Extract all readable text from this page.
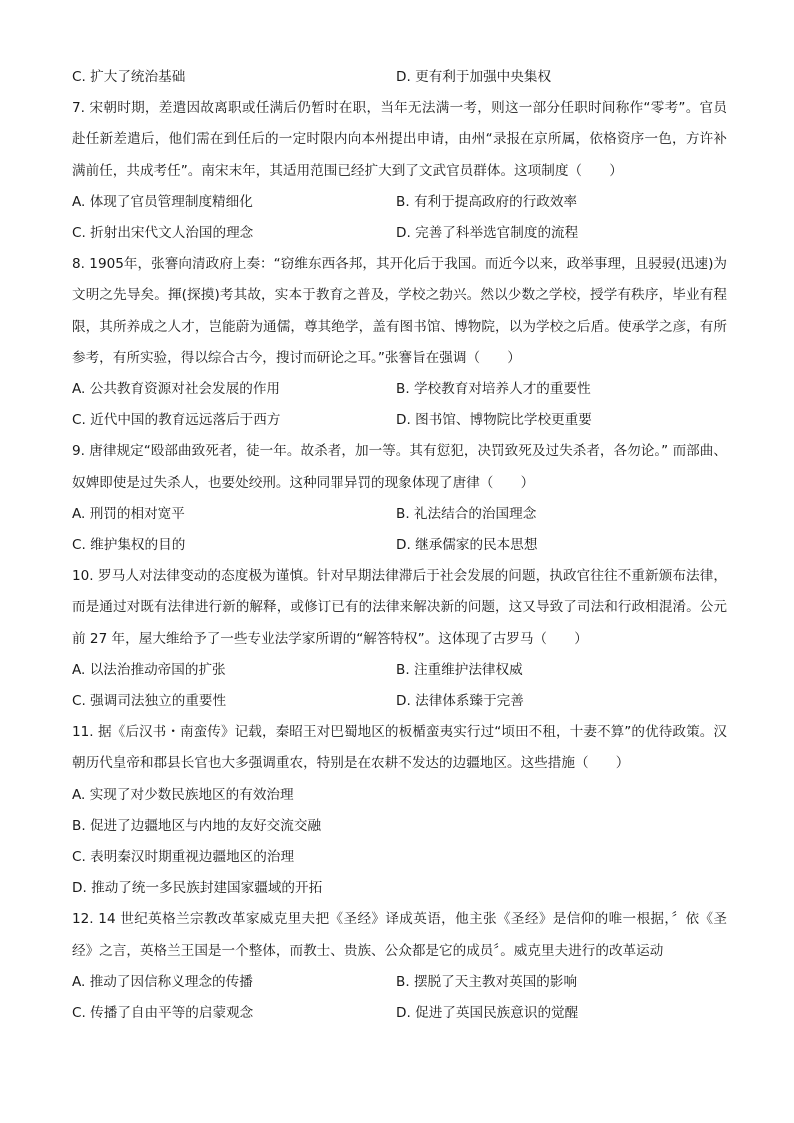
C. 扩大了统治基础	D. 更有利于加强中央集权

7. 宋朝时期，差遣因故离职或任满后仍暂时在职，当年无法满一考，则这一部分任职时间称作“零考”。官员赴任新差遣后，他们需在到任后的一定时限内向本州提出申请，由州“录报在京所属，依格资序一色，方许补满前任，共成考任”。南宋末年，其适用范围已经扩大到了文武官员群体。这项制度（　　）

A. 体现了官员管理制度精细化	B. 有利于提高政府的行政效率
C. 折射出宋代文人治国的理念	D. 完善了科举选官制度的流程

8. 1905年，张謇向清政府上奏：“窃维东西各邦，其开化后于我国。而近今以来，政举事理，且骎骎(迅速)为文明之先导矣。揮(探摸)考其故，实本于教育之普及，学校之勃兴。然以少数之学校，授学有秩序，毕业有程限，其所养成之人才，岂能蔚为通儒，尊其绝学，盖有图书馆、博物院，以为学校之后盾。使承学之彦，有所参考，有所实验，得以综合古今，搜讨而研论之耳。”张謇旨在强调（　　）

A. 公共教育资源对社会发展的作用	B. 学校教育对培养人才的重要性
C. 近代中国的教育远远落后于西方	D. 图书馆、博物院比学校更重要

9. 唐律规定“殴部曲致死者，徒一年。故杀者，加一等。其有愆犯，决罚致死及过失杀者，各勿论。” 而部曲、奴婢即使是过失杀人，也要处绞刑。这种同罪异罚的现象体现了唐律（　　）

A. 刑罚的相对宽平	B. 礼法结合的治国理念
C. 维护集权的目的	D. 继承儒家的民本思想

10. 罗马人对法律变动的态度极为谨慎。针对早期法律滞后于社会发展的问题，执政官往往不重新颁布法律，而是通过对既有法律进行新的解释，或修订已有的法律来解决新的问题，这又导致了司法和行政相混淆。公元前 27 年，屋大维给予了一些专业法学家所谓的“解答特权”。这体现了古罗马（　　）

A. 以法治推动帝国的扩张	B. 注重维护法律权威
C. 强调司法独立的重要性	D. 法律体系臻于完善

11. 据《后汉书・南蛮传》记载，秦昭王对巴蜀地区的板楯蛮夷实行过“顷田不租，十妻不算”的优待政策。汉朝历代皇帝和郡县长官也大多强调重农，特别是在农耕不发达的边疆地区。这些措施（　　）

A. 实现了对少数民族地区的有效治理
B. 促进了边疆地区与内地的友好交流交融
C. 表明秦汉时期重视边疆地区的治理
D. 推动了统一多民族封建国家疆域的开拓

12. 14 世纪英格兰宗教改革家威克里夫把《圣经》译成英语，他主张《圣经》是信仰的唯一根据，〞依《圣经》之言，英格兰王国是一个整体，而教士、贵族、公众都是它的成员〞。威克里夫进行的改革运动

A. 推动了因信称义理念的传播	B. 摆脱了天主教对英国的影响
C. 传播了自由平等的启蒙观念	D. 促进了英国民族意识的觉醒
